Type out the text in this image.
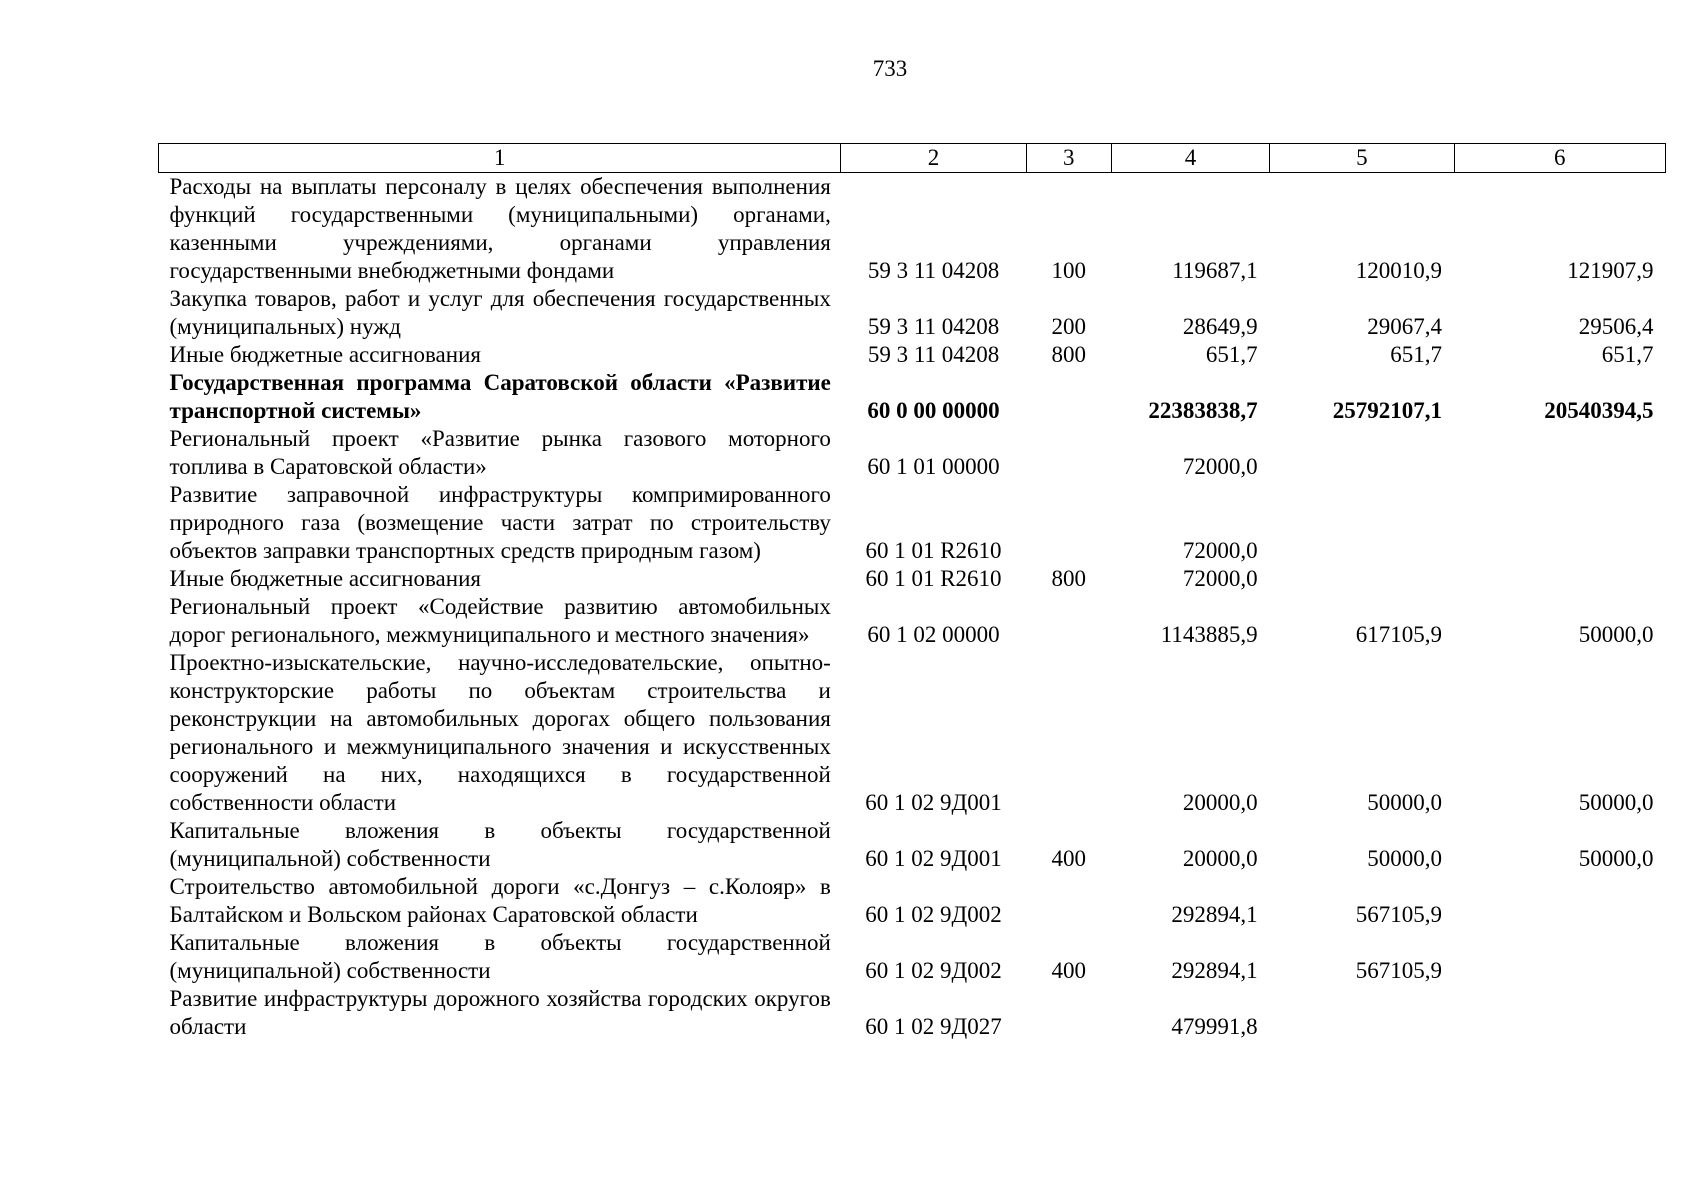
733
1	2	3	4	5	6
Расходы на выплаты персоналу в целях обеспечения выполнения функций государственными (муниципальными) органами, казенными учреждениями, органами управления государственными внебюджетными фондами	59 3 11 04208	100	119687,1	120010,9	121907,9
Закупка товаров, работ и услуг для обеспечения государственных (муниципальных) нужд	59 3 11 04208	200	28649,9	29067,4	29506,4
Иные бюджетные ассигнования	59 3 11 04208	800	651,7	651,7	651,7
Государственная программа Саратовской области «Развитие транспортной системы»	60 0 00 00000		22383838,7	25792107,1	20540394,5
Региональный проект «Развитие рынка газового моторного топлива в Саратовской области»	60 1 01 00000		72000,0		
Развитие заправочной инфраструктуры компримированного природного газа (возмещение части затрат по строительству объектов заправки транспортных средств природным газом)	60 1 01 R2610		72000,0		
Иные бюджетные ассигнования	60 1 01 R2610	800	72000,0		
Региональный проект «Содействие развитию автомобильных дорог регионального, межмуниципального и местного значения»	60 1 02 00000		1143885,9	617105,9	50000,0
Проектно-изыскательские, научно-исследовательские, опытно-конструкторские работы по объектам строительства и реконструкции на автомобильных дорогах общего пользования регионального и межмуниципального значения и искусственных сооружений на них, находящихся в государственной собственности области	60 1 02 9Д001		20000,0	50000,0	50000,0
Капитальные вложения в объекты государственной (муниципальной) собственности	60 1 02 9Д001	400	20000,0	50000,0	50000,0
Строительство автомобильной дороги «с.Донгуз – с.Колояр» в Балтайском и Вольском районах Саратовской области	60 1 02 9Д002		292894,1	567105,9	
Капитальные вложения в объекты государственной (муниципальной) собственности	60 1 02 9Д002	400	292894,1	567105,9	
Развитие инфраструктуры дорожного хозяйства городских округов области	60 1 02 9Д027		479991,8		
